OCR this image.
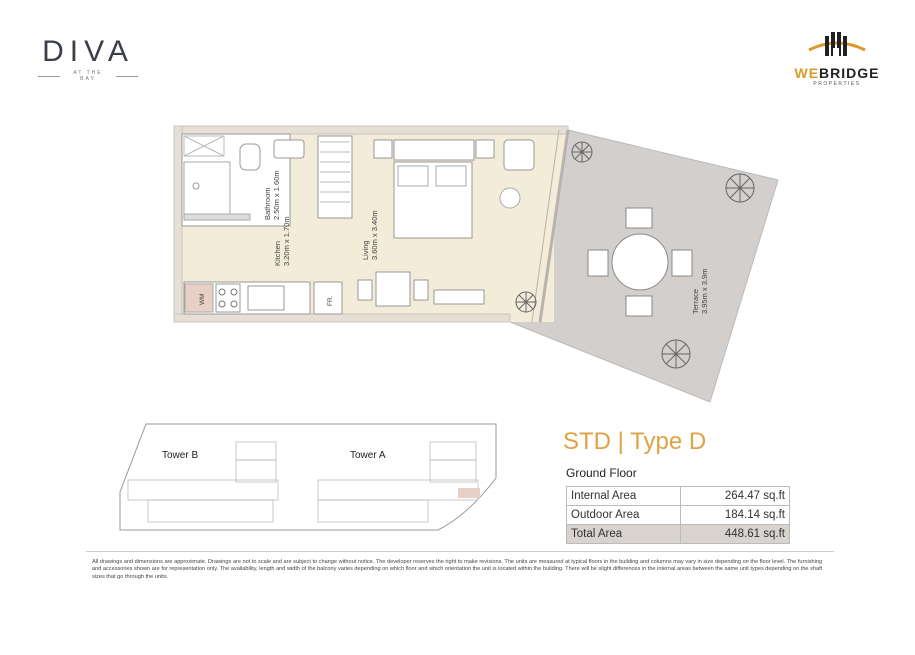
DIVA
AT THE BAY	WEBRIDGE
PROPERTIES
Bathroom2.50m x 1.60m
Kitchen3.20m x 1.70m	Living3.60m x 3.40m
Terrace3.95m x 3.9m
WM	FR.
Tower B	Tower A
STD | Type D
Ground Floor
Internal Area	264.47 sq.ft
Outdoor Area	184.14 sq.ft
Total Area	448.61 sq.ft
All drawings and dimensions are approximate. Drawings are not to scale and are subject to change without notice. The developer reserves the right to make revisions. The units are measured at typical floors in the building and columns may vary in size depending on the floor level. The furnishing and accessories shown are for representation only. The availability, length and width of the balcony varies depending on which floor and which orientation the unit is located within the building. There will be slight differences in the internal areas between the same unit types depending on the shaft sizes that go through the units.
